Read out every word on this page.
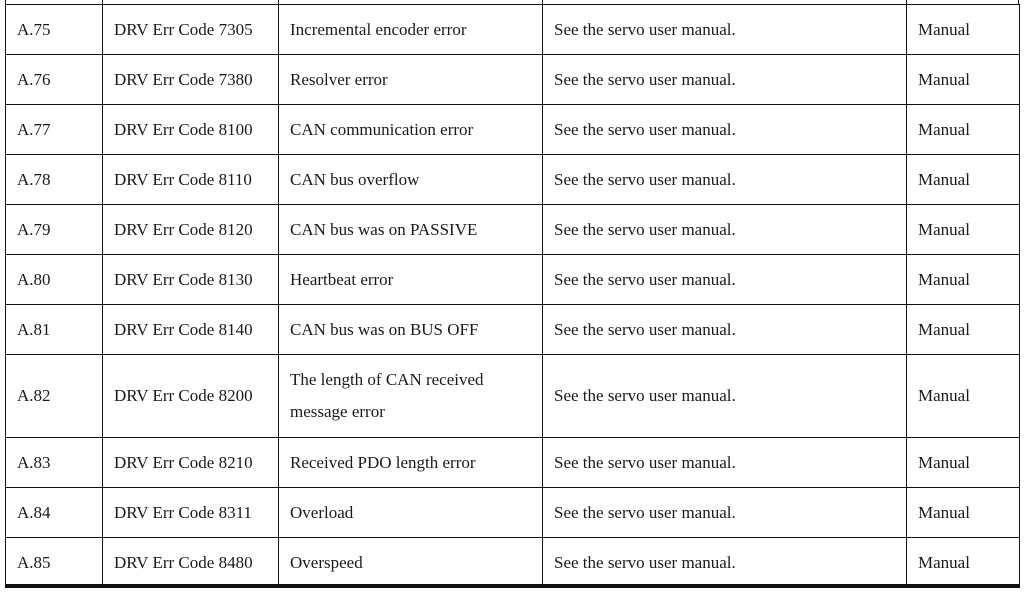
A.75	DRV Err Code 7305	Incremental encoder error	See the servo user manual.	Manual
A.76	DRV Err Code 7380	Resolver error	See the servo user manual.	Manual
A.77	DRV Err Code 8100	CAN communication error	See the servo user manual.	Manual
A.78	DRV Err Code 8110	CAN bus overflow	See the servo user manual.	Manual
A.79	DRV Err Code 8120	CAN bus was on PASSIVE	See the servo user manual.	Manual
A.80	DRV Err Code 8130	Heartbeat error	See the servo user manual.	Manual
A.81	DRV Err Code 8140	CAN bus was on BUS OFF	See the servo user manual.	Manual
A.82	DRV Err Code 8200	The length of CAN received message error	See the servo user manual.	Manual
A.83	DRV Err Code 8210	Received PDO length error	See the servo user manual.	Manual
A.84	DRV Err Code 8311	Overload	See the servo user manual.	Manual
A.85	DRV Err Code 8480	Overspeed	See the servo user manual.	Manual
